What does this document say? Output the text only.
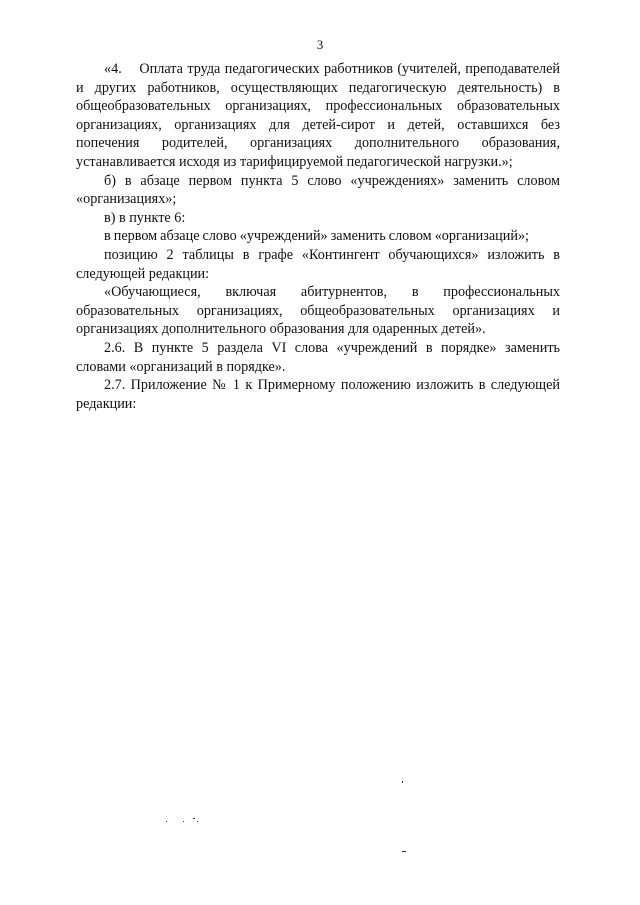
3

«4.    Оплата труда педагогических работников (учителей, преподавателей и других работников, осуществляющих педагогическую деятельность) в общеобразовательных организациях, профессиональных образовательных организациях, организациях для детей-сирот и детей, оставшихся без попечения родителей, организациях дополнительного образования, устанавливается исходя из тарифицируемой педагогической нагрузки.»;

б) в абзаце первом пункта 5 слово «учреждениях» заменить словом «организациях»;

в) в пункте 6:

в первом абзаце слово «учреждений» заменить словом «организаций»;

позицию 2 таблицы в графе «Контингент обучающихся» изложить в следующей редакции:

«Обучающиеся, включая абитурнентов, в профессиональных образовательных организациях, общеобразовательных организациях и организациях дополнительного образования для одаренных детей».

2.6. В пункте 5 раздела VI слова «учреждений в порядке» заменить словами «организаций в порядке».

2.7. Приложение № 1 к Примерному положению изложить в следующей редакции:
